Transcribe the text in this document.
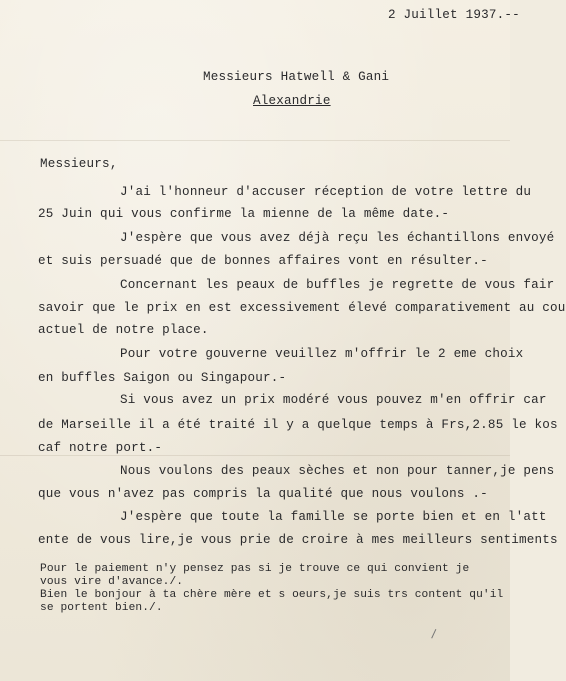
2 Juillet 1937.--
Messieurs Hatwell & Gani
Alexandrie
Messieurs,
J'ai l'honneur d'accuser réception de votre lettre du
25 Juin qui vous confirme la mienne de la même date.-
J'espère que vous avez déjà reçu les échantillons envoyé
et suis persuadé que de bonnes affaires vont en résulter.-
Concernant les peaux de buffles je regrette de vous fair
savoir que le prix en est excessivement élevé comparativement au cou
actuel de notre place.
Pour votre gouverne veuillez m'offrir le 2 eme choix
en buffles Saigon ou Singapour.-
Si vous avez un prix modéré vous pouvez m'en offrir car
de Marseille il a été traité il y a quelque temps à Frs,2.85 le kos
caf notre port.-
Nous voulons des peaux sèches et non pour tanner,je pens
que vous n'avez pas compris la qualité que nous voulons .-
J'espère que toute la famille se porte bien et en l'att
ente de vous lire,je vous prie de croire à mes meilleurs sentiments
Pour le paiement n'y pensez pas si je trouve ce qui convient je
vous vire d'avance./.
Bien le bonjour à ta chère mère et s oeurs,je suis trs content qu'il
se portent bien./.
